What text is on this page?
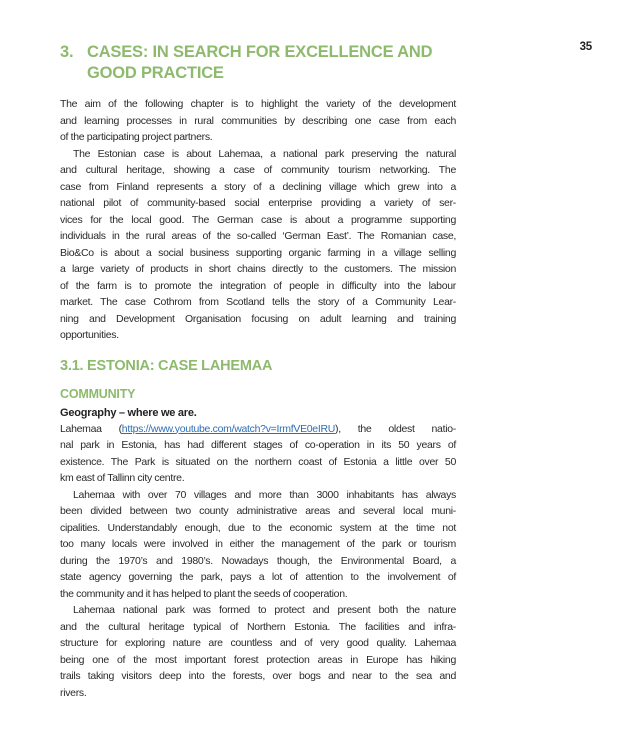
35
3. CASES: IN SEARCH FOR EXCELLENCE AND
GOOD PRACTICE
The aim of the following chapter is to highlight the variety of the development
and learning processes in rural communities by describing one case from each
of the participating project partners.
The Estonian case is about Lahemaa, a national park preserving the natural
and cultural heritage, showing a case of community tourism networking. The
case from Finland represents a story of a declining village which grew into a
national pilot of community-based social enterprise providing a variety of ser-
vices for the local good. The German case is about a programme supporting
individuals in the rural areas of the so-called ‘German East’. The Romanian case,
Bio&Co is about a social business supporting organic farming in a village selling
a large variety of products in short chains directly to the customers. The mission
of the farm is to promote the integration of people in difficulty into the labour
market. The case Cothrom from Scotland tells the story of a Community Lear-
ning and Development Organisation focusing on adult learning and training
opportunities.
3.1. ESTONIA: CASE LAHEMAA
COMMUNITY
Geography – where we are.
Lahemaa (https://www.youtube.com/watch?v=IrmfVE0eIRU), the oldest natio-
nal park in Estonia, has had different stages of co-operation in its 50 years of
existence. The Park is situated on the northern coast of Estonia a little over 50
km east of Tallinn city centre.
Lahemaa with over 70 villages and more than 3000 inhabitants has always
been divided between two county administrative areas and several local muni-
cipalities. Understandably enough, due to the economic system at the time not
too many locals were involved in either the management of the park or tourism
during the 1970’s and 1980’s. Nowadays though, the Environmental Board, a
state agency governing the park, pays a lot of attention to the involvement of
the community and it has helped to plant the seeds of cooperation.
Lahemaa national park was formed to protect and present both the nature
and the cultural heritage typical of Northern Estonia. The facilities and infra-
structure for exploring nature are countless and of very good quality. Lahemaa
being one of the most important forest protection areas in Europe has hiking
trails taking visitors deep into the forests, over bogs and near to the sea and
rivers.
